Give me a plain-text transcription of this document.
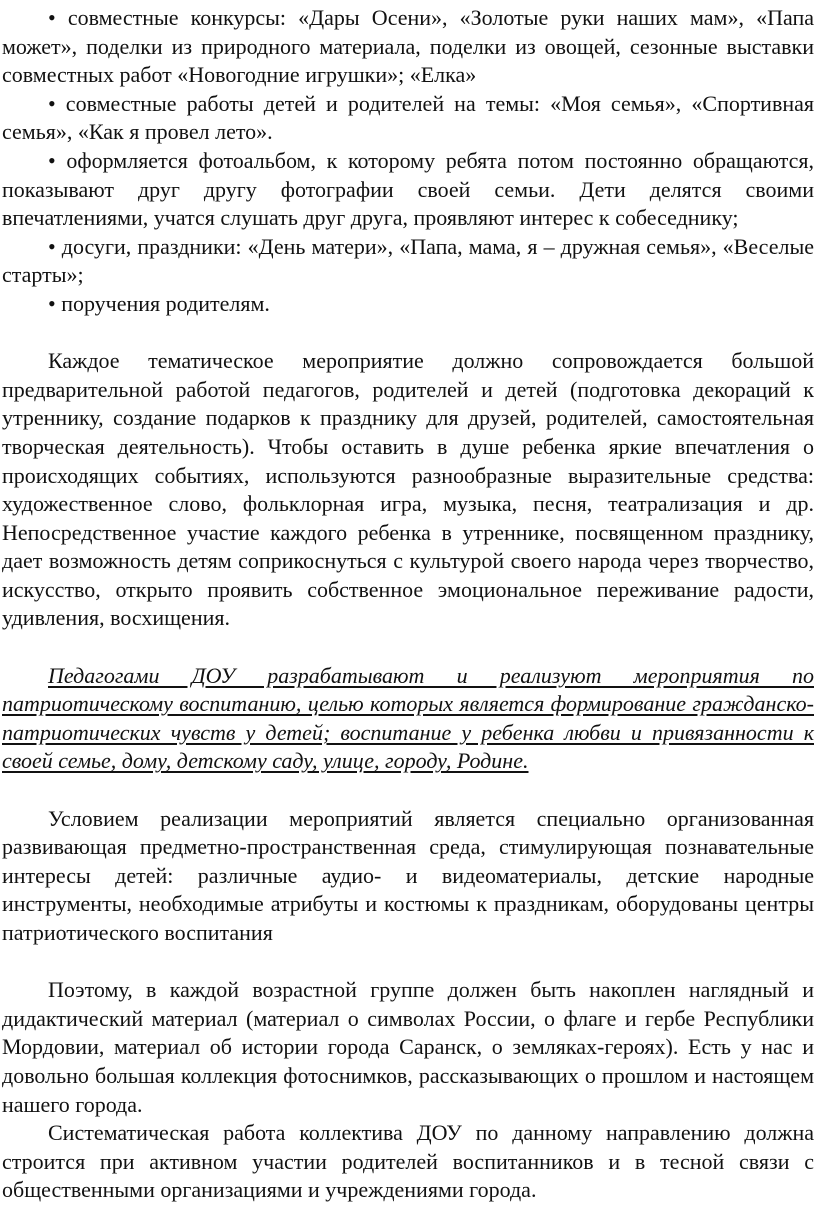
• совместные конкурсы: «Дары Осени», «Золотые руки наших мам», «Папа может», поделки из природного материала, поделки из овощей, сезонные выставки совместных работ «Новогодние игрушки»; «Елка»

• совместные работы детей и родителей на темы: «Моя семья», «Спортивная семья», «Как я провел лето».

• оформляется фотоальбом, к которому ребята потом постоянно обращаются, показывают друг другу фотографии своей семьи. Дети делятся своими впечатлениями, учатся слушать друг друга, проявляют интерес к собеседнику;

• досуги, праздники: «День матери», «Папа, мама, я – дружная семья», «Веселые старты»;

• поручения родителям.

Каждое тематическое мероприятие должно сопровождается большой предварительной работой педагогов, родителей и детей (подготовка декораций к утреннику, создание подарков к празднику для друзей, родителей, самостоятельная творческая деятельность). Чтобы оставить в душе ребенка яркие впечатления о происходящих событиях, используются разнообразные выразительные средства: художественное слово, фольклорная игра, музыка, песня, театрализация и др. Непосредственное участие каждого ребенка в утреннике, посвященном празднику, дает возможность детям соприкоснуться с культурой своего народа через творчество, искусство, открыто проявить собственное эмоциональное переживание радости, удивления, восхищения.

Педагогами ДОУ разрабатывают и реализуют мероприятия по патриотическому воспитанию, целью которых является формирование гражданско-патриотических чувств у детей; воспитание у ребенка любви и привязанности к своей семье, дому, детскому саду, улице, городу, Родине.

Условием реализации мероприятий является специально организованная развивающая предметно-пространственная среда, стимулирующая познавательные интересы детей: различные аудио- и видеоматериалы, детские народные инструменты, необходимые атрибуты и костюмы к праздникам, оборудованы центры патриотического воспитания

Поэтому, в каждой возрастной группе должен быть накоплен наглядный и дидактический материал (материал о символах России, о флаге и гербе Республики Мордовии, материал об истории города Саранск, о земляках-героях). Есть у нас и довольно большая коллекция фотоснимков, рассказывающих о прошлом и настоящем нашего города.

Систематическая работа коллектива ДОУ по данному направлению должна строится при активном участии родителей воспитанников и в тесной связи с общественными организациями и учреждениями города.
